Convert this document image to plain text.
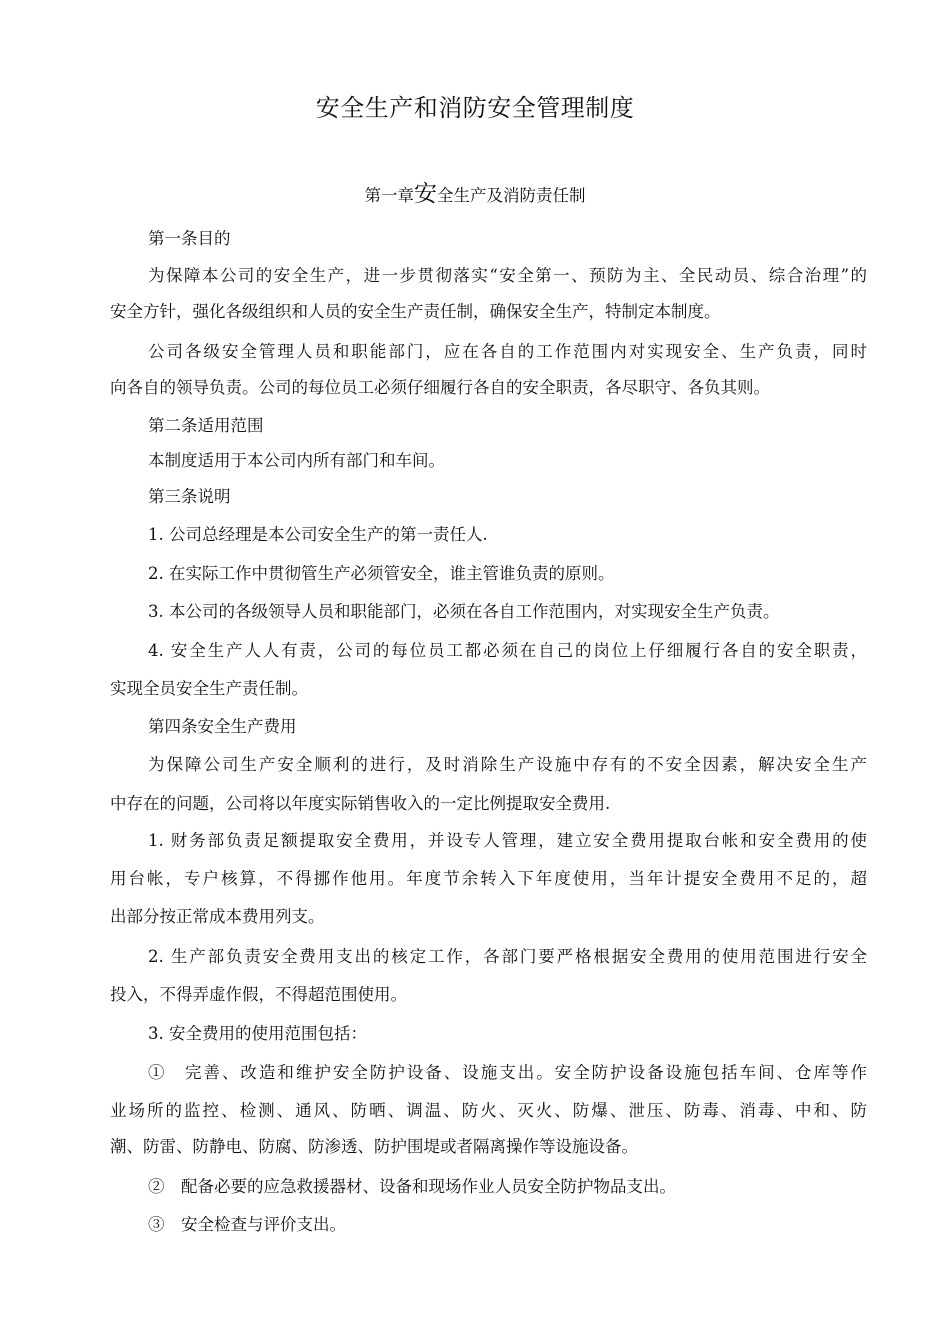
安全生产和消防安全管理制度
第一章安全生产及消防责任制
第一条目的
为保障本公司的安全生产，进一步贯彻落实“安全第一、预防为主、全民动员、综合治理”的
安全方针，强化各级组织和人员的安全生产责任制，确保安全生产，特制定本制度。
公司各级安全管理人员和职能部门，应在各自的工作范围内对实现安全、生产负责，同时
向各自的领导负责。公司的每位员工必须仔细履行各自的安全职责，各尽职守、各负其则。
第二条适用范围
本制度适用于本公司内所有部门和车间。
第三条说明
1. 公司总经理是本公司安全生产的第一责任人.
2. 在实际工作中贯彻管生产必须管安全，谁主管谁负责的原则。
3. 本公司的各级领导人员和职能部门，必须在各自工作范围内，对实现安全生产负责。
4. 安全生产人人有责，公司的每位员工都必须在自己的岗位上仔细履行各自的安全职责，
实现全员安全生产责任制。
第四条安全生产费用
为保障公司生产安全顺利的进行，及时消除生产设施中存有的不安全因素，解决安全生产
中存在的问题，公司将以年度实际销售收入的一定比例提取安全费用.
1. 财务部负责足额提取安全费用，并设专人管理，建立安全费用提取台帐和安全费用的使
用台帐，专户核算，不得挪作他用。年度节余转入下年度使用，当年计提安全费用不足的，超
出部分按正常成本费用列支。
2. 生产部负责安全费用支出的核定工作，各部门要严格根据安全费用的使用范围进行安全
投入，不得弄虚作假，不得超范围使用。
3. 安全费用的使用范围包括：
①　完善、改造和维护安全防护设备、设施支出。安全防护设备设施包括车间、仓库等作
业场所的监控、检测、通风、防晒、调温、防火、灭火、防爆、泄压、防毒、消毒、中和、防
潮、防雷、防静电、防腐、防渗透、防护围堤或者隔离操作等设施设备。
②　配备必要的应急救援器材、设备和现场作业人员安全防护物品支出。
③　安全检查与评价支出。
